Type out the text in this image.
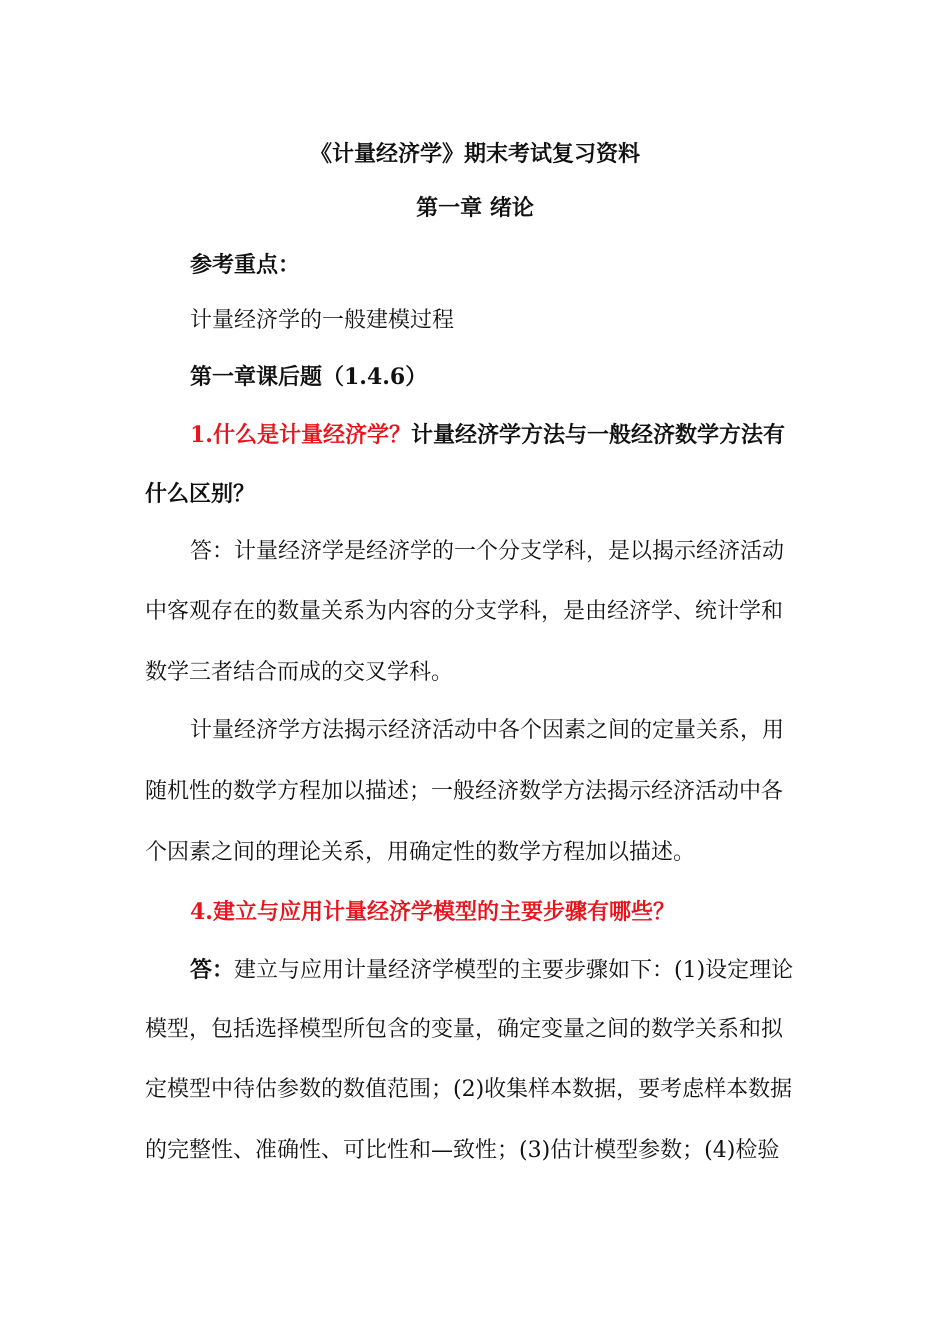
《计量经济学》期末考试复习资料
第一章 绪论
参考重点：
计量经济学的一般建模过程
第一章课后题（1.4.6）
1.什么是计量经济学？计量经济学方法与一般经济数学方法有
什么区别？
答：计量经济学是经济学的一个分支学科，是以揭示经济活动
中客观存在的数量关系为内容的分支学科，是由经济学、统计学和
数学三者结合而成的交叉学科。
计量经济学方法揭示经济活动中各个因素之间的定量关系，用
随机性的数学方程加以描述；一般经济数学方法揭示经济活动中各
个因素之间的理论关系，用确定性的数学方程加以描述。
4.建立与应用计量经济学模型的主要步骤有哪些？
答：建立与应用计量经济学模型的主要步骤如下：(1)设定理论
模型，包括选择模型所包含的变量，确定变量之间的数学关系和拟
定模型中待估参数的数值范围；(2)收集样本数据，要考虑样本数据
的完整性、准确性、可比性和—致性；(3)估计模型参数；(4)检验
